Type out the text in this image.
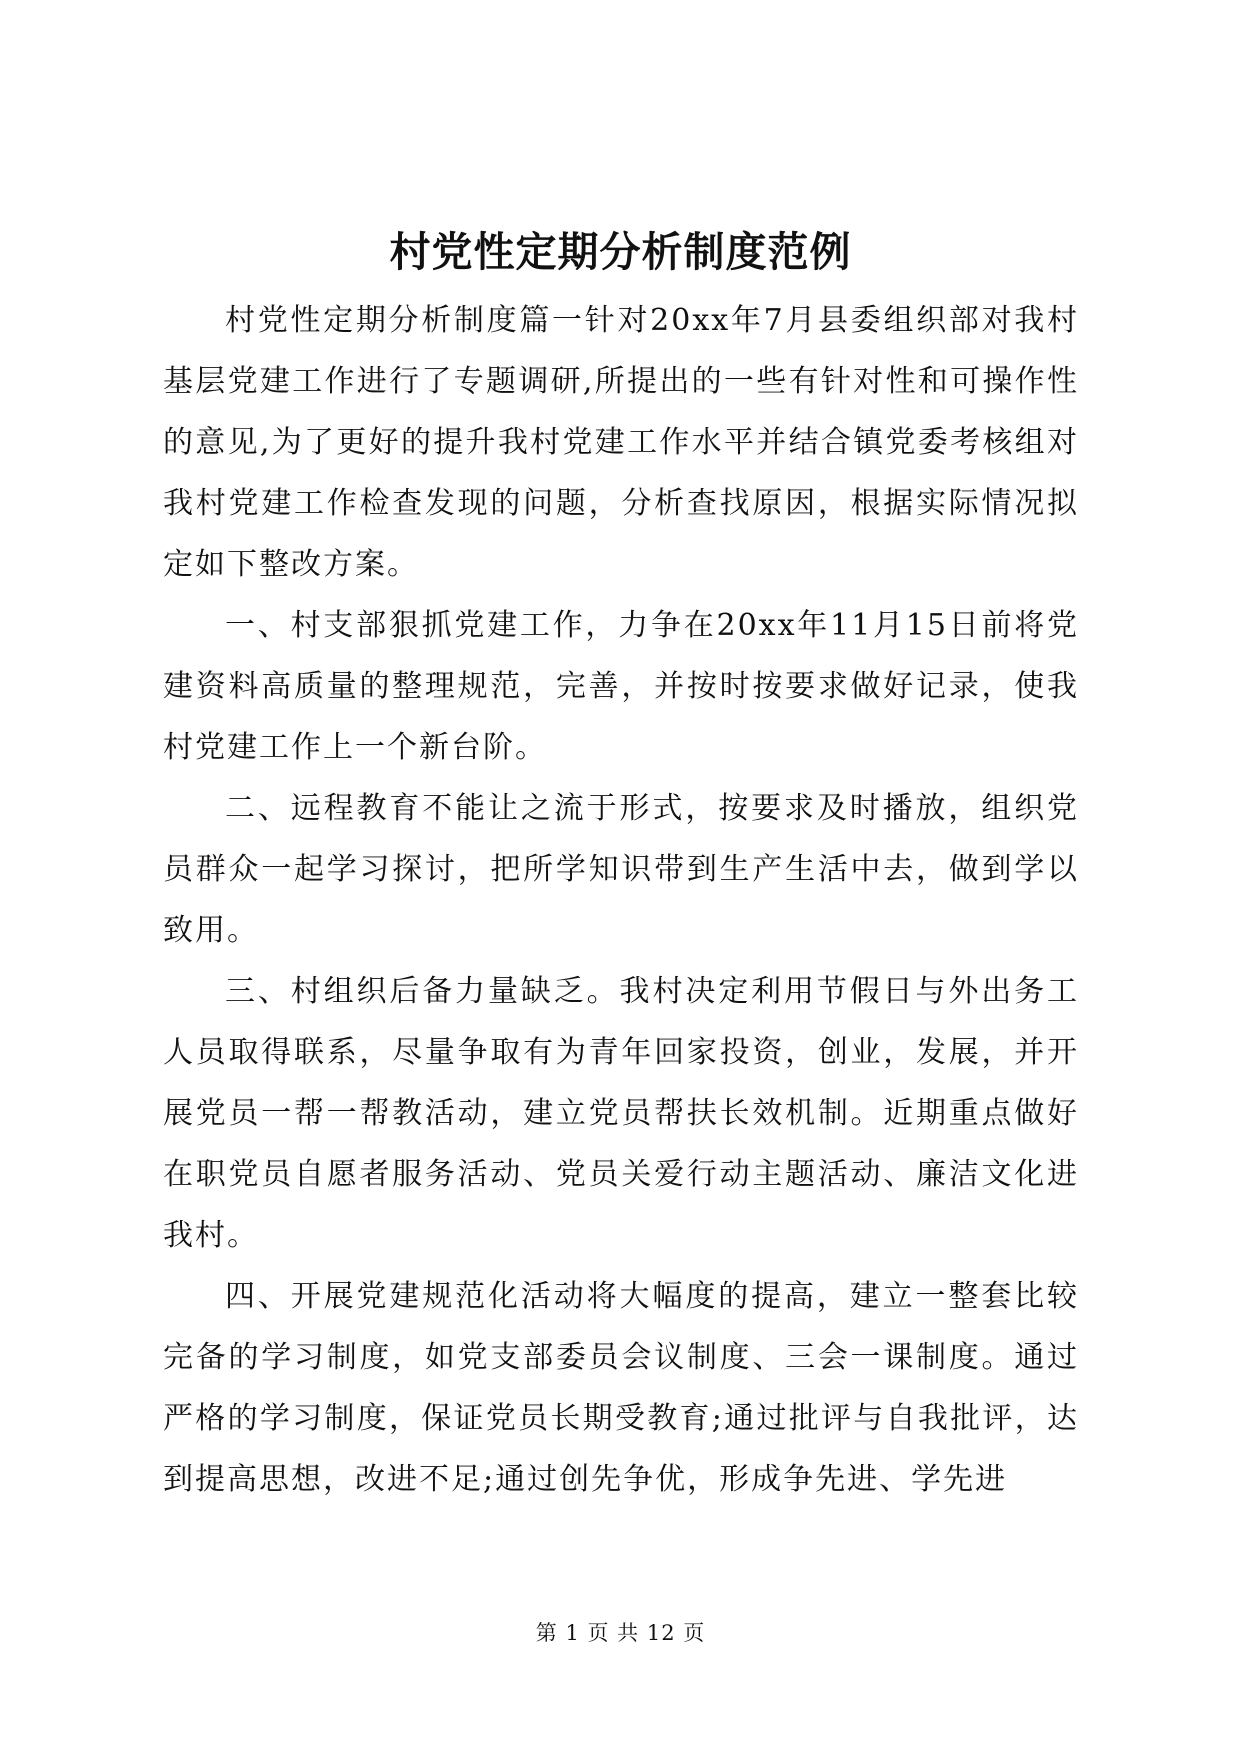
村党性定期分析制度范例

村党性定期分析制度篇一针对20xx年7月县委组织部对我村基层党建工作进行了专题调研,所提出的一些有针对性和可操作性的意见,为了更好的提升我村党建工作水平并结合镇党委考核组对我村党建工作检查发现的问题，分析查找原因，根据实际情况拟定如下整改方案。

一、村支部狠抓党建工作，力争在20xx年11月15日前将党建资料高质量的整理规范，完善，并按时按要求做好记录，使我村党建工作上一个新台阶。

二、远程教育不能让之流于形式，按要求及时播放，组织党员群众一起学习探讨，把所学知识带到生产生活中去，做到学以致用。

三、村组织后备力量缺乏。我村决定利用节假日与外出务工人员取得联系，尽量争取有为青年回家投资，创业，发展，并开展党员一帮一帮教活动，建立党员帮扶长效机制。近期重点做好在职党员自愿者服务活动、党员关爱行动主题活动、廉洁文化进我村。

四、开展党建规范化活动将大幅度的提高，建立一整套比较完备的学习制度，如党支部委员会议制度、三会一课制度。通过严格的学习制度，保证党员长期受教育;通过批评与自我批评，达到提高思想，改进不足;通过创先争优，形成争先进、学先进

第 1 页 共 12 页
